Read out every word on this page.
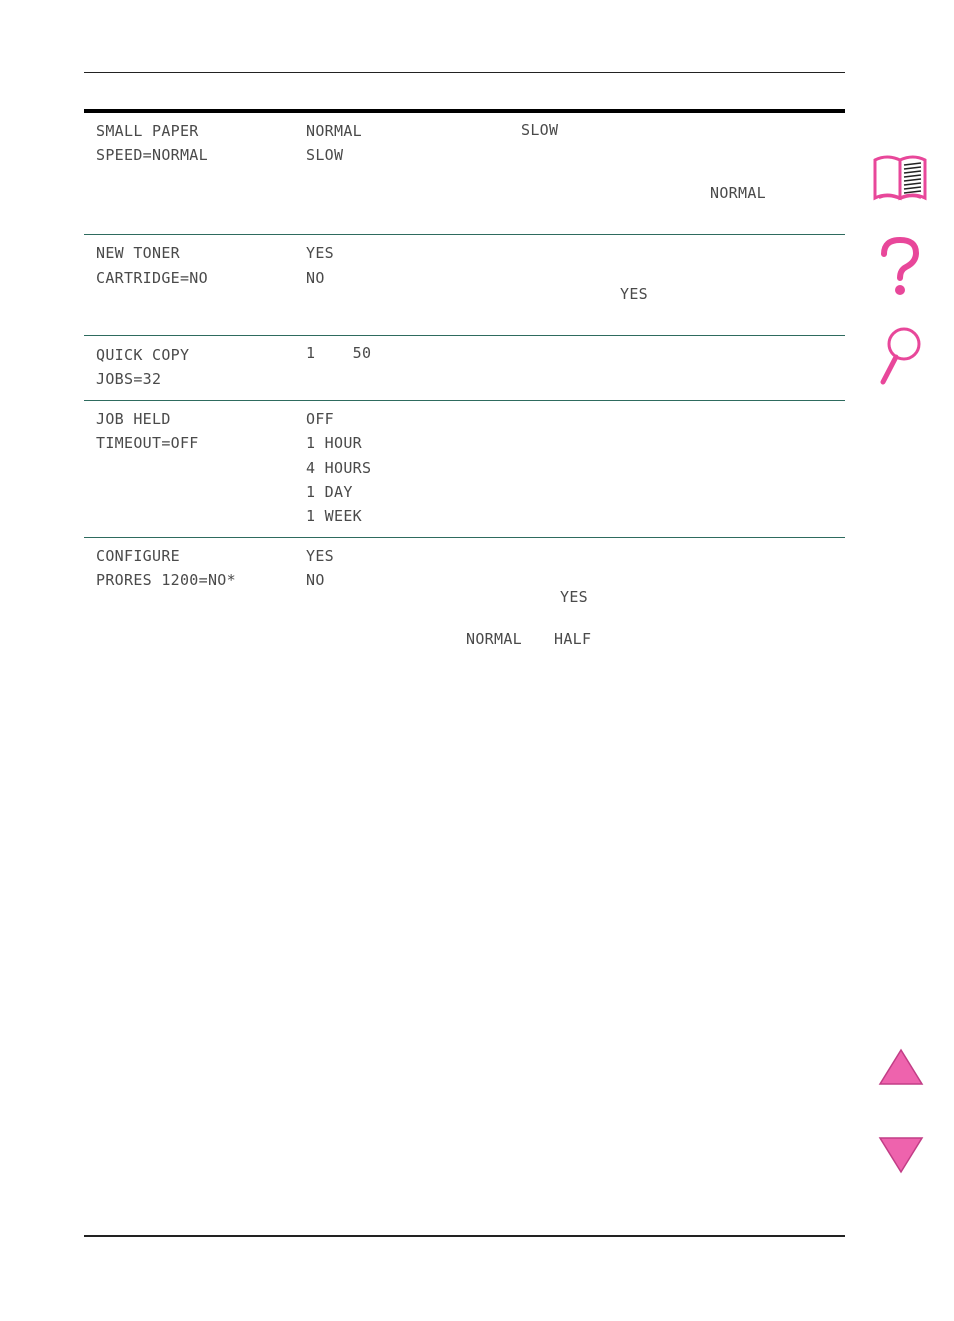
SMALL PAPER
SPEED=NORMAL
NORMAL
SLOW
SLOW
NORMAL
NEW TONER
CARTRIDGE=NO
YES
NO
YES
QUICK COPY
JOBS=32
1    50
JOB HELD
TIMEOUT=OFF
OFF
1 HOUR
4 HOURS
1 DAY
1 WEEK
CONFIGURE
PRORES 1200=NO*
YES
NO
YES
NORMAL HALF
